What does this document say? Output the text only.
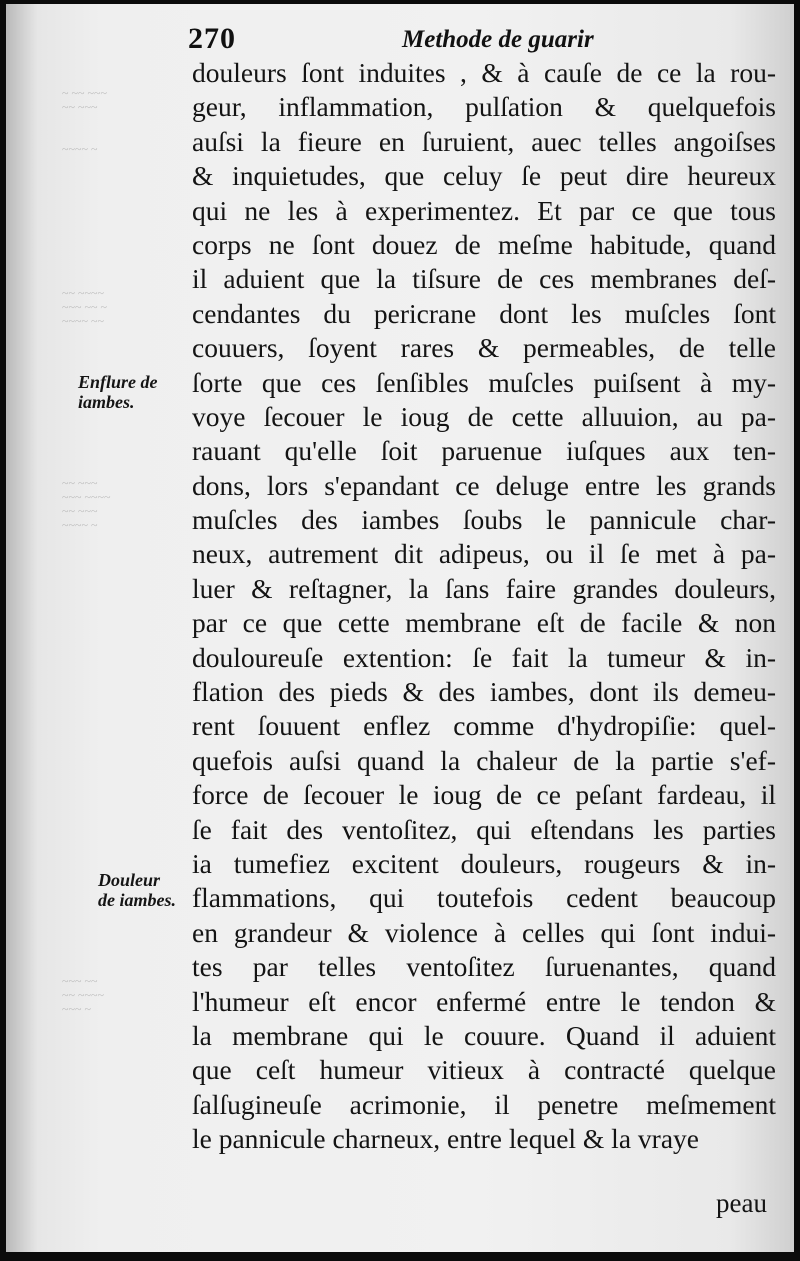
~ ~~ ~~~
~~ ~~~

~~~~ ~
~~ ~~~~
~~~ ~~ ~
~~~~ ~~
~~ ~~~
~~~ ~~~~
~~ ~~~
~~~~ ~
~~~ ~~
~~ ~~~~
~~~ ~
270	Methode de guarir
Enflure de
iambes.
Douleur
de iambes.
douleurs ſont induites , & à cauſe de ce la rou-
geur, inflammation, pulſation & quelquefois
auſsi la fieure en ſuruient, auec telles angoiſses
& inquietudes, que celuy ſe peut dire heureux
qui ne les à experimentez. Et par ce que tous
corps ne ſont douez de meſme habitude, quand
il aduient que la tiſsure de ces membranes deſ-
cendantes du pericrane dont les muſcles ſont
couuers, ſoyent rares & permeables, de telle
ſorte que ces ſenſibles muſcles puiſsent à my-
voye ſecouer le ioug de cette alluuion, au pa-
rauant qu'elle ſoit paruenue iuſques aux ten-
dons, lors s'epandant ce deluge entre les grands
muſcles des iambes ſoubs le pannicule char-
neux, autrement dit adipeus, ou il ſe met à pa-
luer & reſtagner, la ſans faire grandes douleurs,
par ce que cette membrane eſt de facile & non
douloureuſe extention: ſe fait la tumeur & in-
flation des pieds & des iambes, dont ils demeu-
rent ſouuent enflez comme d'hydropiſie: quel-
quefois auſsi quand la chaleur de la partie s'ef-
force de ſecouer le ioug de ce peſant fardeau, il
ſe fait des ventoſitez, qui eſtendans les parties
ia tumefiez excitent douleurs, rougeurs & in-
flammations, qui toutefois cedent beaucoup
en grandeur & violence à celles qui ſont indui-
tes par telles ventoſitez ſuruenantes, quand
l'humeur eſt encor enfermé entre le tendon &
la membrane qui le couure. Quand il aduient
que ceſt humeur vitieux à contracté quelque
ſalſugineuſe acrimonie, il penetre meſmement
le pannicule charneux, entre lequel & la vraye
peau
